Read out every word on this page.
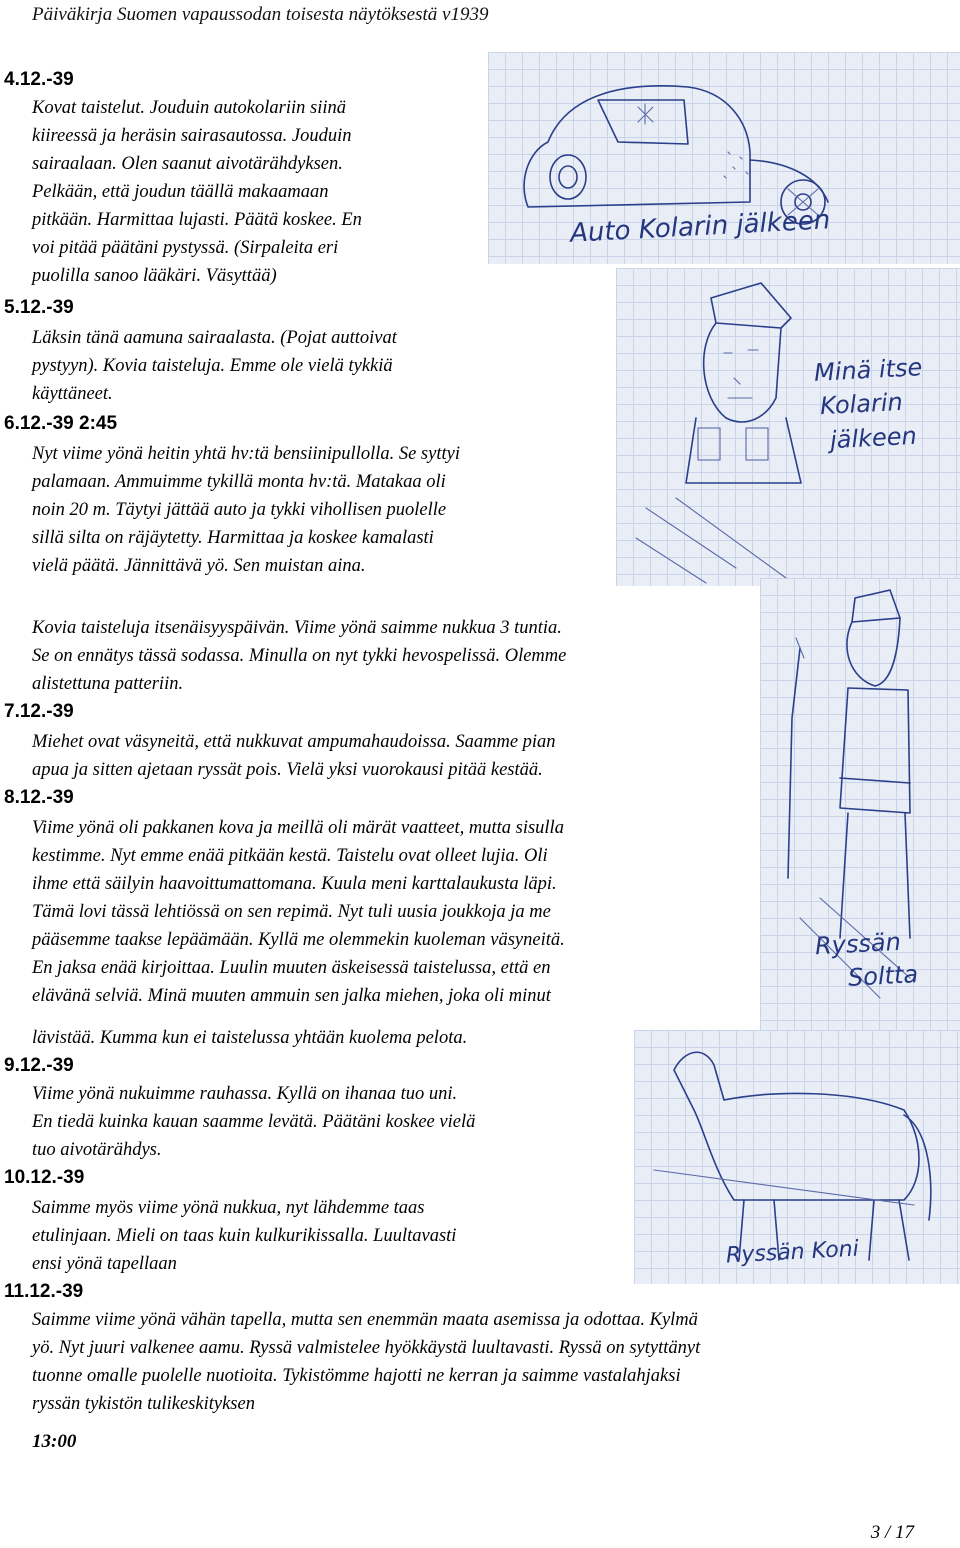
Päiväkirja Suomen vapaussodan toisesta näytöksestä v1939
Auto Kolarin jälkeen
Minä itse
Kolarin
jälkeen
Ryssän
Soltta
Ryssän Koni
4.12.-39
Kovat taistelut. Jouduin autokolariin siinä
kiireessä ja heräsin sairasautossa. Jouduin
sairaalaan. Olen saanut aivotärähdyksen.
Pelkään, että joudun täällä makaamaan
pitkään. Harmittaa lujasti. Päätä koskee. En
voi pitää päätäni pystyssä. (Sirpaleita eri
puolilla sanoo lääkäri. Väsyttää)
5.12.-39
Läksin tänä aamuna sairaalasta. (Pojat auttoivat
pystyyn). Kovia taisteluja. Emme ole vielä tykkiä
käyttäneet.
6.12.-39 2:45
Nyt viime yönä heitin yhtä hv:tä bensiinipullolla. Se syttyi
palamaan. Ammuimme tykillä monta hv:tä. Matakaa oli
noin 20 m. Täytyi jättää auto ja tykki vihollisen puolelle
sillä silta on räjäytetty. Harmittaa ja koskee kamalasti
vielä päätä. Jännittävä yö. Sen muistan aina.
Kovia taisteluja itsenäisyyspäivän. Viime yönä saimme nukkua 3 tuntia.
Se on ennätys tässä sodassa. Minulla on nyt tykki hevospelissä. Olemme
alistettuna patteriin.
7.12.-39
Miehet ovat väsyneitä, että nukkuvat ampumahaudoissa. Saamme pian
apua ja sitten ajetaan ryssät pois. Vielä yksi vuorokausi pitää kestää.
8.12.-39
Viime yönä oli pakkanen kova ja meillä oli märät vaatteet, mutta sisulla
kestimme. Nyt emme enää pitkään kestä. Taistelu ovat olleet lujia. Oli
ihme että säilyin haavoittumattomana. Kuula meni karttalaukusta läpi.
Tämä lovi tässä lehtiössä on sen repimä. Nyt tuli uusia joukkoja ja me
pääsemme taakse lepäämään. Kyllä me olemmekin kuoleman väsyneitä.
En jaksa enää kirjoittaa. Luulin muuten äskeisessä taistelussa, että en
elävänä selviä. Minä muuten ammuin sen jalka miehen, joka oli minut
lävistää. Kumma kun ei taistelussa yhtään kuolema pelota.
9.12.-39
Viime yönä nukuimme rauhassa. Kyllä on ihanaa tuo uni.
En tiedä kuinka kauan saamme levätä. Päätäni koskee vielä
tuo aivotärähdys.
10.12.-39
Saimme myös viime yönä nukkua, nyt lähdemme taas
etulinjaan. Mieli on taas kuin kulkurikissalla. Luultavasti
ensi yönä tapellaan
11.12.-39
Saimme viime yönä vähän tapella, mutta sen enemmän maata asemissa ja odottaa. Kylmä
yö. Nyt juuri valkenee aamu. Ryssä valmistelee hyökkäystä luultavasti. Ryssä on sytyttänyt
tuonne omalle puolelle nuotioita. Tykistömme hajotti ne kerran ja saimme vastalahjaksi
ryssän tykistön tulikeskityksen
13:00
3 / 17
